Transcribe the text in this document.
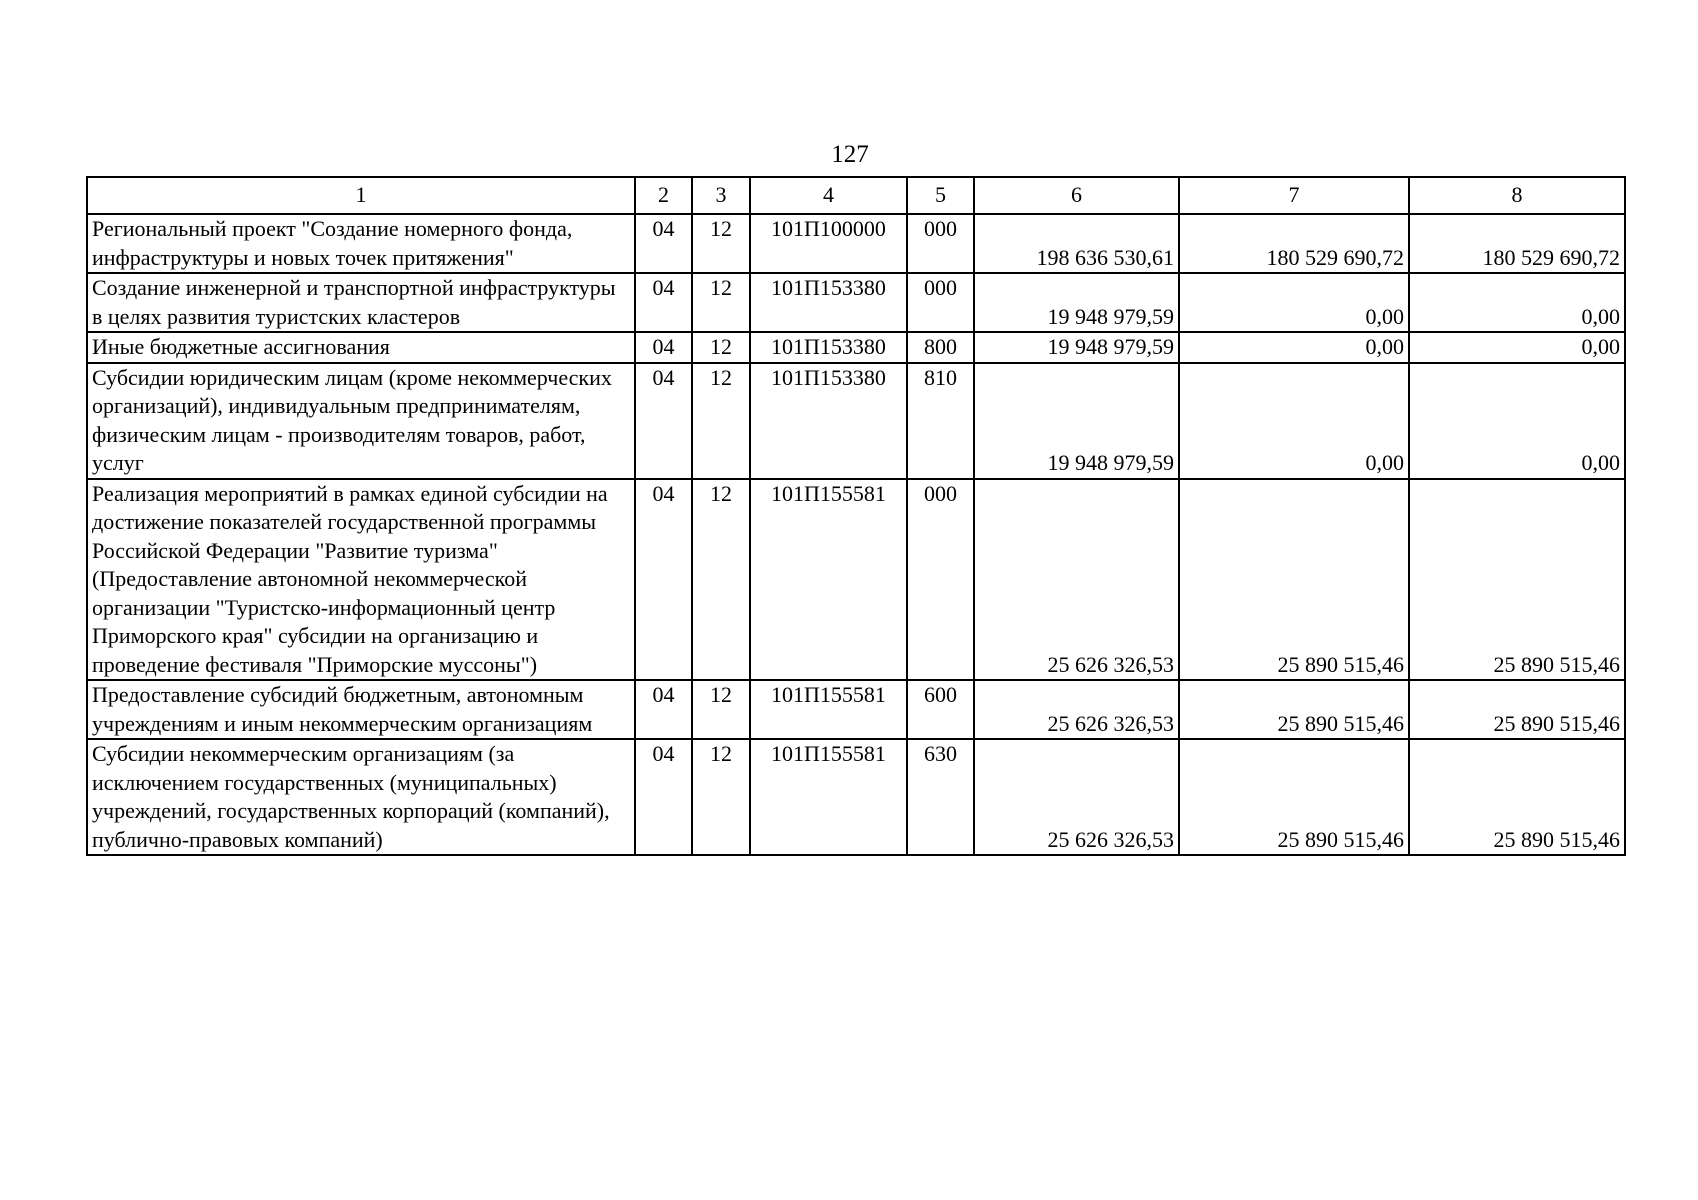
127
1	2	3	4	5	6	7	8
Региональный проект "Создание номерного фонда, инфраструктуры и новых точек притяжения"	04	12	101П100000	000	198 636 530,61	180 529 690,72	180 529 690,72
Создание инженерной и транспортной инфраструктуры в целях развития туристских кластеров	04	12	101П153380	000	19 948 979,59	0,00	0,00
Иные бюджетные ассигнования	04	12	101П153380	800	19 948 979,59	0,00	0,00
Субсидии юридическим лицам (кроме некоммерческих организаций), индивидуальным предпринимателям, физическим лицам - производителям товаров, работ, услуг	04	12	101П153380	810	19 948 979,59	0,00	0,00
Реализация мероприятий в рамках единой субсидии на достижение показателей государственной программы Российской Федерации "Развитие туризма" (Предоставление автономной некоммерческой организации "Туристско-информационный центр Приморского края" субсидии на организацию и проведение фестиваля "Приморские муссоны")	04	12	101П155581	000	25 626 326,53	25 890 515,46	25 890 515,46
Предоставление субсидий бюджетным, автономным учреждениям и иным некоммерческим организациям	04	12	101П155581	600	25 626 326,53	25 890 515,46	25 890 515,46
Субсидии некоммерческим организациям (за исключением государственных (муниципальных) учреждений, государственных корпораций (компаний), публично-правовых компаний)	04	12	101П155581	630	25 626 326,53	25 890 515,46	25 890 515,46
